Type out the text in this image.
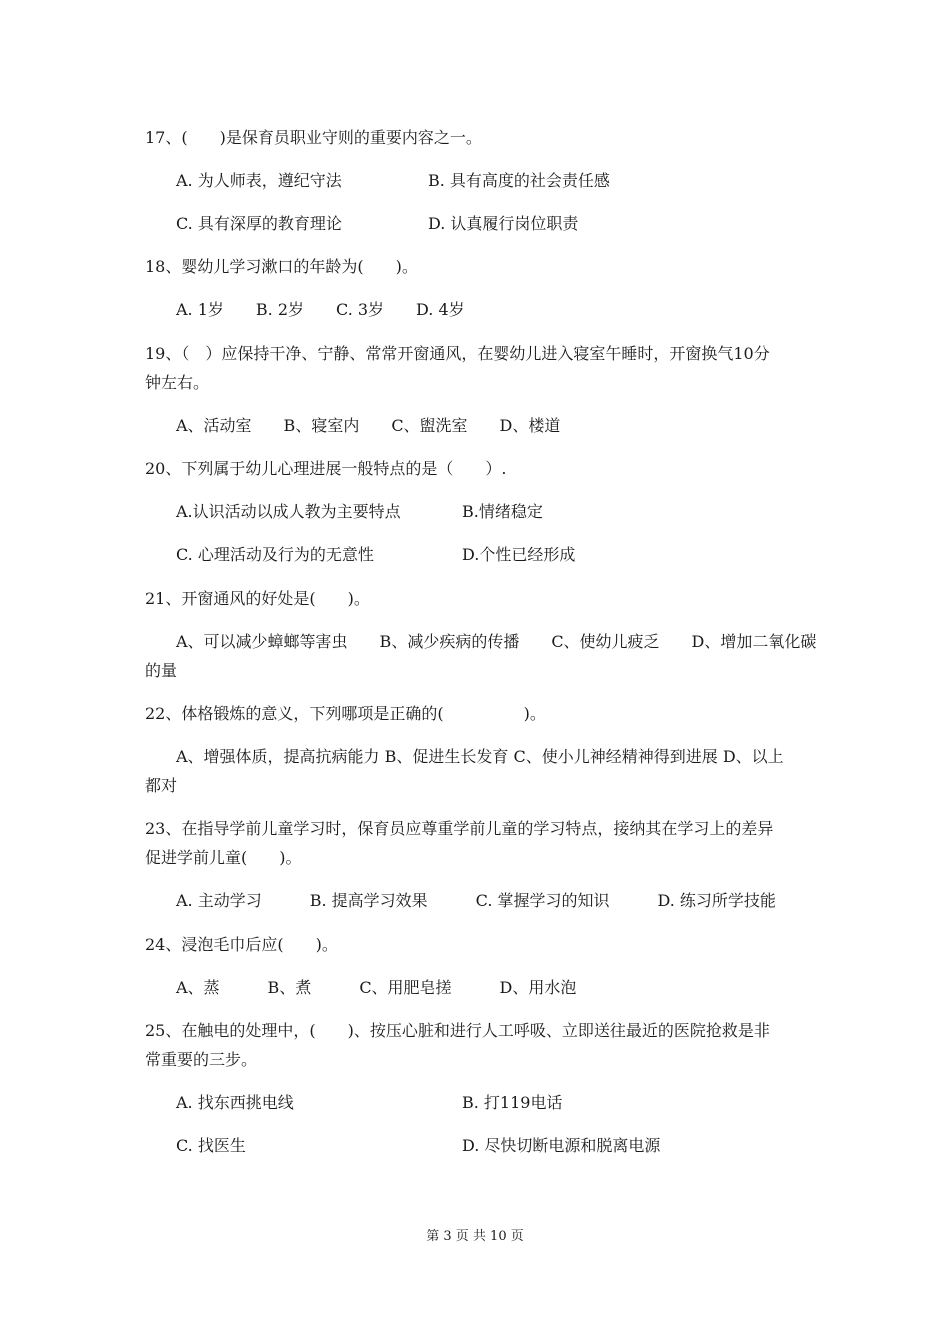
17、(　　)是保育员职业守则的重要内容之一。
A. 为人师表，遵纪守法	B. 具有高度的社会责任感
C. 具有深厚的教育理论	D. 认真履行岗位职责
18、婴幼儿学习漱口的年龄为(　　)。
A. 1岁　　B. 2岁　　C. 3岁　　D. 4岁
19、（　）应保持干净、宁静、常常开窗通风，在婴幼儿进入寝室午睡时，开窗换气10分
钟左右。
A、活动室　　B、寝室内　　C、盥洗室　　D、楼道
20、下列属于幼儿心理进展一般特点的是（　　）.
A.认识活动以成人教为主要特点	B.情绪稳定
C. 心理活动及行为的无意性	D.个性已经形成
21、开窗通风的好处是(　　)。
A、可以减少蟑螂等害虫　　B、减少疾病的传播　　C、使幼儿疲乏　　D、增加二氧化碳
的量
22、体格锻炼的意义，下列哪项是正确的(　　　　　)。
A、增强体质，提高抗病能力 B、促进生长发育 C、使小儿神经精神得到进展 D、以上
都对
23、在指导学前儿童学习时，保育员应尊重学前儿童的学习特点，接纳其在学习上的差异
促进学前儿童(　　)。
A. 主动学习　　　B. 提高学习效果　　　C. 掌握学习的知识　　　D. 练习所学技能
24、浸泡毛巾后应(　　)。
A、蒸　　　B、煮　　　C、用肥皂搓　　　D、用水泡
25、在触电的处理中，(　　)、按压心脏和进行人工呼吸、立即送往最近的医院抢救是非
常重要的三步。
A. 找东西挑电线	B. 打119电话
C. 找医生	D. 尽快切断电源和脱离电源
第 3 页 共 10 页
